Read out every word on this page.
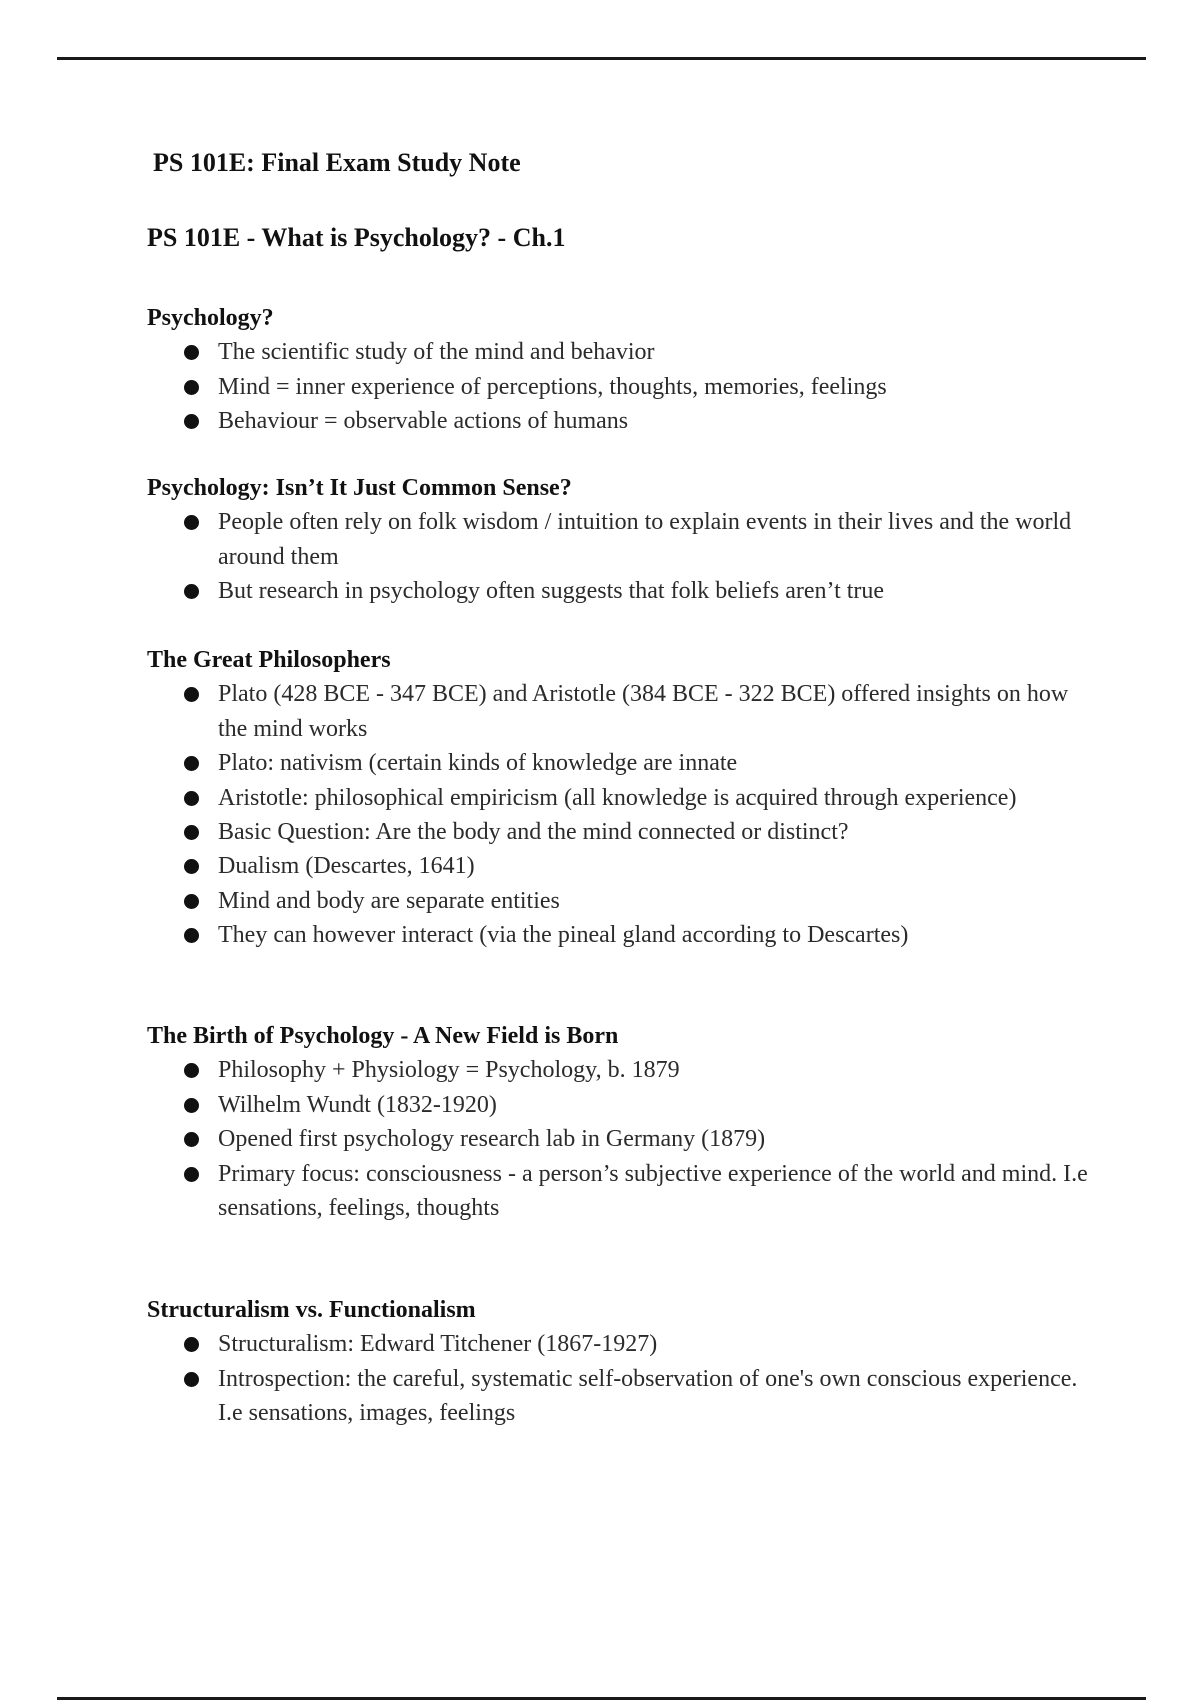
PS 101E: Final Exam Study Note
PS 101E - What is Psychology? - Ch.1
Psychology?
The scientific study of the mind and behavior
Mind = inner experience of perceptions, thoughts, memories, feelings
Behaviour = observable actions of humans
Psychology: Isn’t It Just Common Sense?
People often rely on folk wisdom / intuition to explain events in their lives and the world around them
But research in psychology often suggests that folk beliefs aren’t true
The Great Philosophers
Plato (428 BCE - 347 BCE) and Aristotle (384 BCE - 322 BCE) offered insights on how the mind works
Plato: nativism (certain kinds of knowledge are innate
Aristotle: philosophical empiricism (all knowledge is acquired through experience)
Basic Question: Are the body and the mind connected or distinct?
Dualism (Descartes, 1641)
Mind and body are separate entities
They can however interact (via the pineal gland according to Descartes)
The Birth of Psychology - A New Field is Born
Philosophy + Physiology = Psychology, b. 1879
Wilhelm Wundt (1832-1920)
Opened first psychology research lab in Germany (1879)
Primary focus: consciousness - a person’s subjective experience of the world and mind. I.e sensations, feelings, thoughts
Structuralism vs. Functionalism
Structuralism: Edward Titchener (1867-1927)
Introspection: the careful, systematic self-observation of one's own conscious experience. I.e sensations, images, feelings
